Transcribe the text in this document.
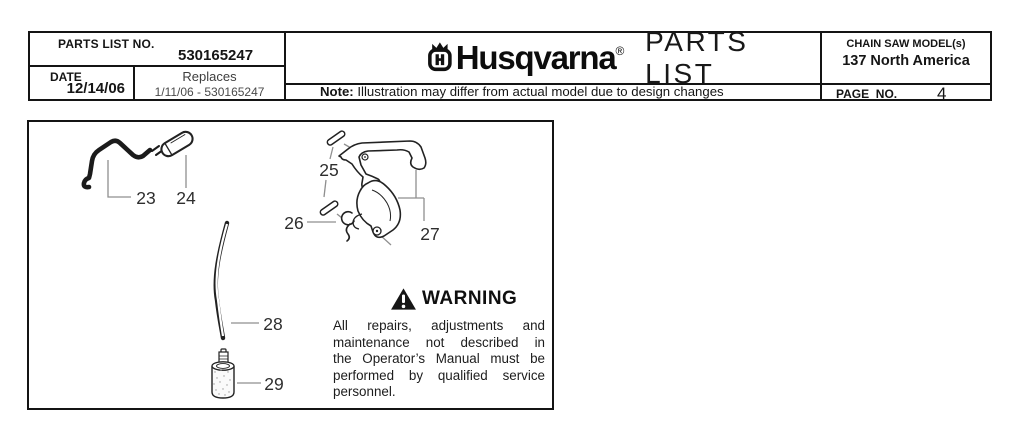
PARTS LIST NO.
530165247
DATE
12/14/06
Replaces
1/11/06 - 530165247
Husqvarna® PARTS LIST
Note: Illustration may differ from actual model due to design changes
CHAIN SAW MODEL(s)
137 North America
PAGE  NO. 4
23	24
25
26
27
28
29
WARNING
All repairs, adjustments and
maintenance not described in
the Operator’s Manual must be
performed by qualified service
personnel.
